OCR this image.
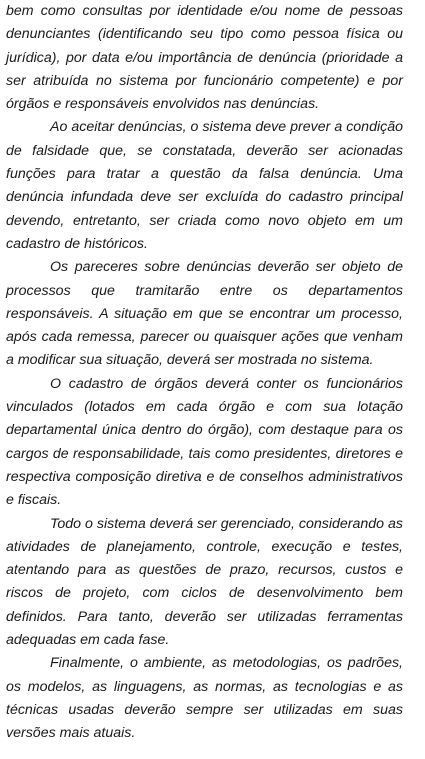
bem como consultas por identidade e/ou nome de pessoas denunciantes (identificando seu tipo como pessoa física ou jurídica), por data e/ou importância de denúncia (prioridade a ser atribuída no sistema por funcionário competente) e por órgãos e responsáveis envolvidos nas denúncias.

Ao aceitar denúncias, o sistema deve prever a condição de falsidade que, se constatada, deverão ser acionadas funções para tratar a questão da falsa denúncia. Uma denúncia infundada deve ser excluída do cadastro principal devendo, entretanto, ser criada como novo objeto em um cadastro de históricos.

Os pareceres sobre denúncias deverão ser objeto de processos que tramitarão entre os departamentos responsáveis. A situação em que se encontrar um processo, após cada remessa, parecer ou quaisquer ações que venham a modificar sua situação, deverá ser mostrada no sistema.

O cadastro de órgãos deverá conter os funcionários vinculados (lotados em cada órgão e com sua lotação departamental única dentro do órgão), com destaque para os cargos de responsabilidade, tais como presidentes, diretores e respectiva composição diretiva e de conselhos administrativos e fiscais.

Todo o sistema deverá ser gerenciado, considerando as atividades de planejamento, controle, execução e testes, atentando para as questões de prazo, recursos, custos e riscos de projeto, com ciclos de desenvolvimento bem definidos. Para tanto, deverão ser utilizadas ferramentas adequadas em cada fase.

Finalmente, o ambiente, as metodologias, os padrões, os modelos, as linguagens, as normas, as tecnologias e as técnicas usadas deverão sempre ser utilizadas em suas versões mais atuais.
